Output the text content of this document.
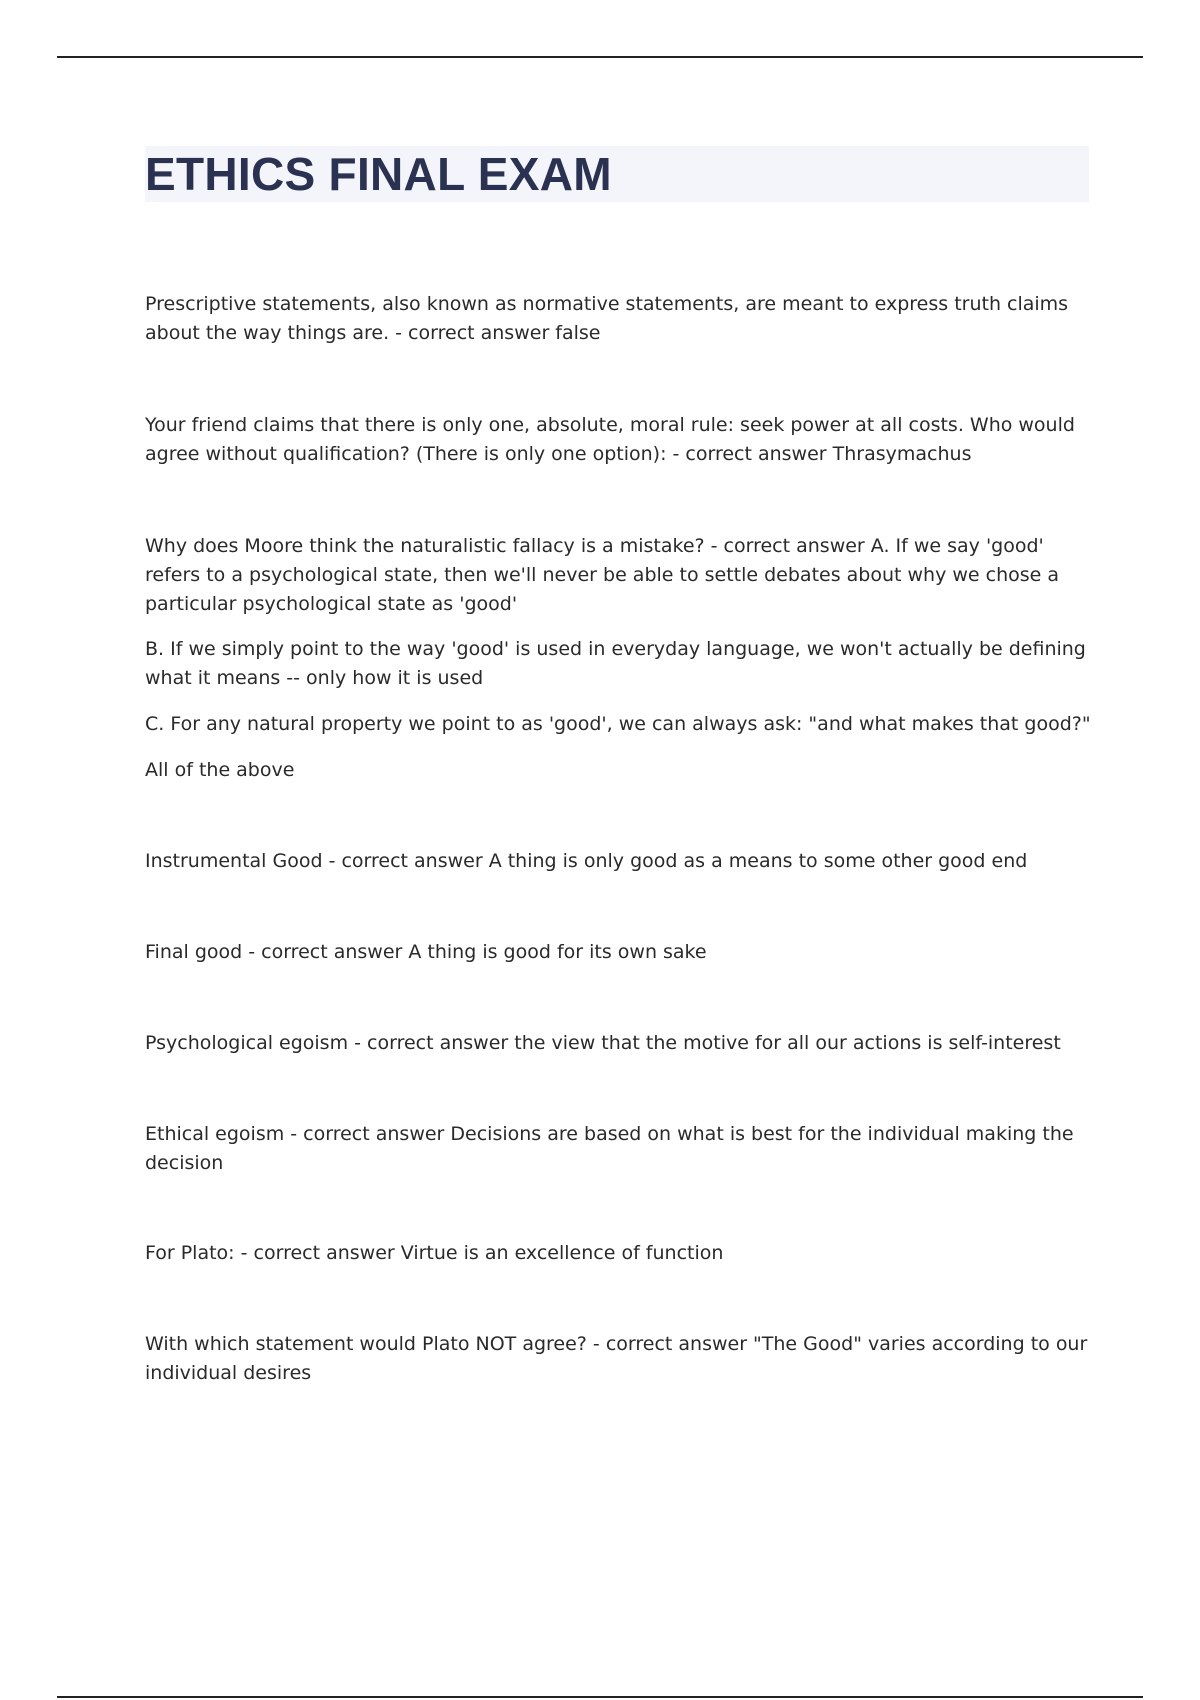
ETHICS FINAL EXAM

Prescriptive statements, also known as normative statements, are meant to express truth claims about the way things are. - correct answer false

Your friend claims that there is only one, absolute, moral rule: seek power at all costs. Who would agree without qualification? (There is only one option): - correct answer Thrasymachus

Why does Moore think the naturalistic fallacy is a mistake? - correct answer A. If we say 'good' refers to a psychological state, then we'll never be able to settle debates about why we chose a particular psychological state as 'good'

B. If we simply point to the way 'good' is used in everyday language, we won't actually be defining what it means -- only how it is used

C. For any natural property we point to as 'good', we can always ask: "and what makes that good?"

All of the above

Instrumental Good - correct answer A thing is only good as a means to some other good end

Final good - correct answer A thing is good for its own sake

Psychological egoism - correct answer the view that the motive for all our actions is self-interest

Ethical egoism - correct answer Decisions are based on what is best for the individual making the decision

For Plato: - correct answer Virtue is an excellence of function

With which statement would Plato NOT agree? - correct answer "The Good" varies according to our individual desires
